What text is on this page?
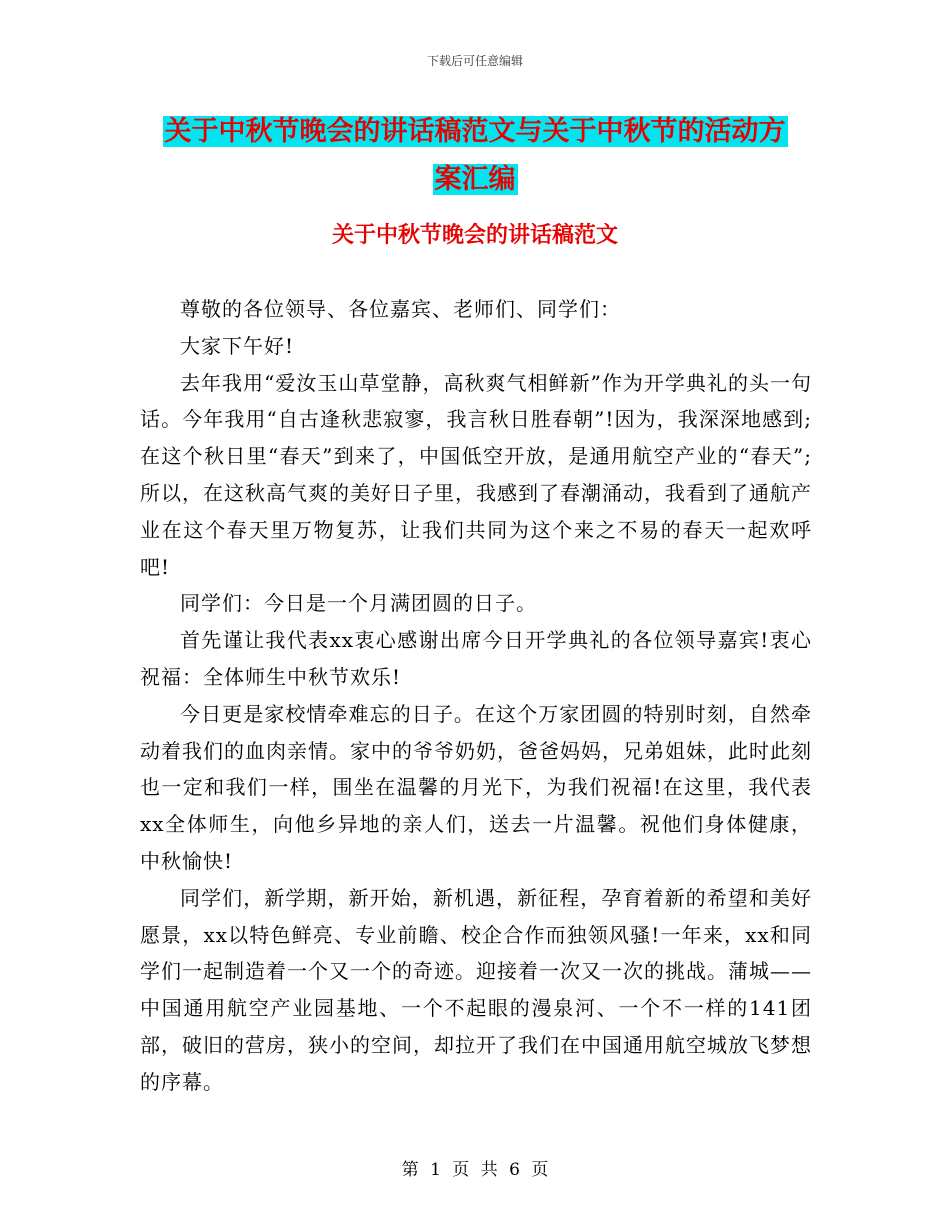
下载后可任意编辑
关于中秋节晚会的讲话稿范文与关于中秋节的活动方
案汇编
关于中秋节晚会的讲话稿范文

尊敬的各位领导、各位嘉宾、老师们、同学们：

大家下午好!

去年我用“爱汝玉山草堂静，高秋爽气相鲜新”作为开学典礼的头一句话。今年我用“自古逢秋悲寂寥，我言秋日胜春朝”!因为，我深深地感到;在这个秋日里“春天”到来了，中国低空开放，是通用航空产业的“春天”;所以，在这秋高气爽的美好日子里，我感到了春潮涌动，我看到了通航产业在这个春天里万物复苏，让我们共同为这个来之不易的春天一起欢呼吧!

同学们：今日是一个月满团圆的日子。

首先谨让我代表xx衷心感谢出席今日开学典礼的各位领导嘉宾!衷心祝福：全体师生中秋节欢乐!

今日更是家校情牵难忘的日子。在这个万家团圆的特别时刻，自然牵动着我们的血肉亲情。家中的爷爷奶奶，爸爸妈妈，兄弟姐妹，此时此刻也一定和我们一样，围坐在温馨的月光下，为我们祝福!在这里，我代表xx全体师生，向他乡异地的亲人们，送去一片温馨。祝他们身体健康，中秋愉快!

同学们，新学期，新开始，新机遇，新征程，孕育着新的希望和美好愿景，xx以特色鲜亮、专业前瞻、校企合作而独领风骚!一年来，xx和同学们一起制造着一个又一个的奇迹。迎接着一次又一次的挑战。蒲城——中国通用航空产业园基地、一个不起眼的漫泉河、一个不一样的141团部，破旧的营房，狭小的空间，却拉开了我们在中国通用航空城放飞梦想的序幕。

第 1 页 共 6 页
